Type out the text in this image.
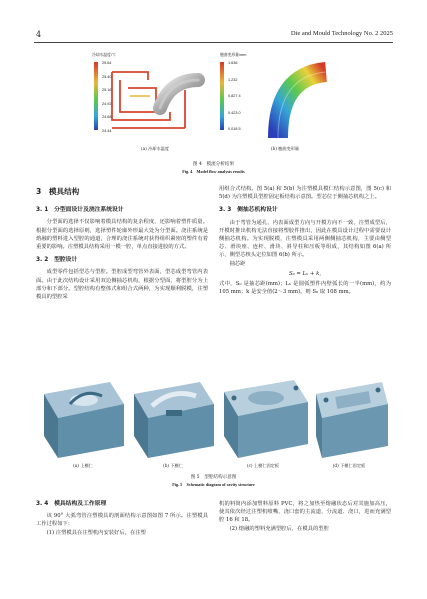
4	Die and Mould Technology No. 2 2025
冷却水温度/℃
25.64
25.40
25.16
24.92
24.68
24.44
翘曲变形量/mm
1.636
1.232
0.827 4
0.423 0
0.018 5
(a) 冷却水温度	(b) 翘曲变形量
图 4　模流分析结果
Fig. 4　Model flow analysis results
3　模具结构
3. 1　分型面设计及浇注系统设计

分型面的选择不仅影响着模具结构的复杂程度，还影响着塑件质量。根据分型面的选择原则，选择塑件轮廓外形最大处为分型面。浇注系统是熔融的塑料进入型腔的通道，合理的浇注系统对获得组织紧密的塑件有着重要的影响。注塑模具结构采用一模一腔，单点直接进胶的方式。

3. 2　型腔设计

成型零件包括型芯与型腔。型腔成型弯管外表面，型芯成型弯管内表面。由于此次结构设计采用双边侧抽芯机构，根据分型面，将型腔分为上部分和下部分。型腔结构有整体式和组合式两种，为实现顺利脱模，注塑模具的型腔采

用组合式结构。图 5(a) 和 5(b) 为注塑模具模仁结构示意图，图 5(c) 和 5(d) 为注塑模具型腔固定板结构示意图。型芯位于侧抽芯机构之上。

3. 3　侧抽芯机构设计

由于弯管为通孔，内表面成型方向与开模方向不一致，注塑成型后，开模时推出机构无法直接将塑胶件推出，因此在模具设计过程中需要设计侧抽芯机构。为实现脱模，注塑模具采用两侧侧抽芯机构，主要由侧型芯、滑块座、连杆、滑块、斜导柱和压板等组成，其结构如图 6(a) 所示，侧型芯核头定位如图 6(b) 所示。

抽芯距

S₀ = Lₕ + k,

式中，S₀ 是抽芯距(mm)；Lₕ 是圆弧塑件内壁弧长的一半(mm)，约为 105 mm；k 是安全值(2～3 mm)。则 S₀ 取 108 mm。

(a) 上模仁	(b) 下模仁	(c) 上模仁固定板	(d) 下模仁固定板
图 5　型腔结构示意图
Fig. 5　Schematic diagram of cavity structure
3. 4　模具结构及工作原理

该 90° 大弧弯管注塑模具的剖面结构示意图如图 7 所示。注塑模具工作过程如下：

(1) 注塑模具在注塑机内安装好后，在注塑

机的料筒内添加塑料原料 PVC，将之加热至熔融状态后对其施加高压，使其依次经过注塑机喷嘴、浇口套的主流道、分流道、浇口，进而充满型腔 16 和 18。

(2) 熔融的塑料充满型腔后，在模具的型腔
